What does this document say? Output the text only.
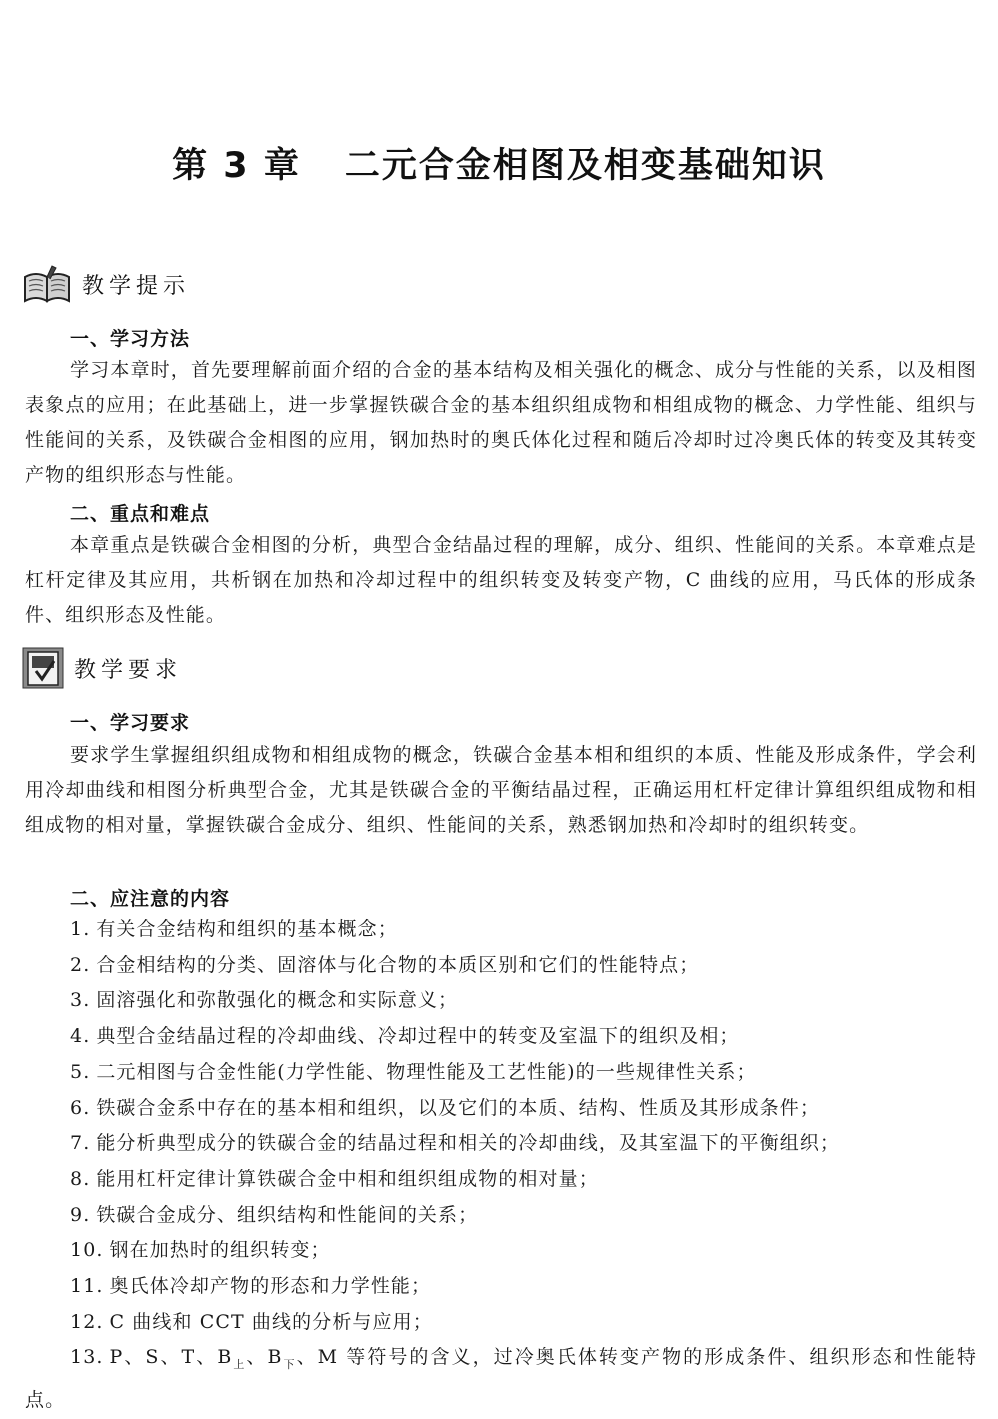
第 3 章 二元合金相图及相变基础知识
教学提示
一、学习方法
学习本章时，首先要理解前面介绍的合金的基本结构及相关强化的概念、成分与性能的关系，以及相图表象点的应用；在此基础上，进一步掌握铁碳合金的基本组织组成物和相组成物的概念、力学性能、组织与性能间的关系，及铁碳合金相图的应用，钢加热时的奥氏体化过程和随后冷却时过冷奥氏体的转变及其转变产物的组织形态与性能。
二、重点和难点
本章重点是铁碳合金相图的分析，典型合金结晶过程的理解，成分、组织、性能间的关系。本章难点是杠杆定律及其应用，共析钢在加热和冷却过程中的组织转变及转变产物，C 曲线的应用，马氏体的形成条件、组织形态及性能。
教学要求
一、学习要求
要求学生掌握组织组成物和相组成物的概念，铁碳合金基本相和组织的本质、性能及形成条件，学会利用冷却曲线和相图分析典型合金，尤其是铁碳合金的平衡结晶过程，正确运用杠杆定律计算组织组成物和相组成物的相对量，掌握铁碳合金成分、组织、性能间的关系，熟悉钢加热和冷却时的组织转变。
二、应注意的内容
1. 有关合金结构和组织的基本概念；
2. 合金相结构的分类、固溶体与化合物的本质区别和它们的性能特点；
3. 固溶强化和弥散强化的概念和实际意义；
4. 典型合金结晶过程的冷却曲线、冷却过程中的转变及室温下的组织及相；
5. 二元相图与合金性能(力学性能、物理性能及工艺性能)的一些规律性关系；
6. 铁碳合金系中存在的基本相和组织，以及它们的本质、结构、性质及其形成条件；
7. 能分析典型成分的铁碳合金的结晶过程和相关的冷却曲线，及其室温下的平衡组织；
8. 能用杠杆定律计算铁碳合金中相和组织组成物的相对量；
9. 铁碳合金成分、组织结构和性能间的关系；
10. 钢在加热时的组织转变；
11. 奥氏体冷却产物的形态和力学性能；
12. C 曲线和 CCT 曲线的分析与应用；
13. P、S、T、$B_上$、$B_下$、M 等符号的含义，过冷奥氏体转变产物的形成条件、组织形态和性能特点。
